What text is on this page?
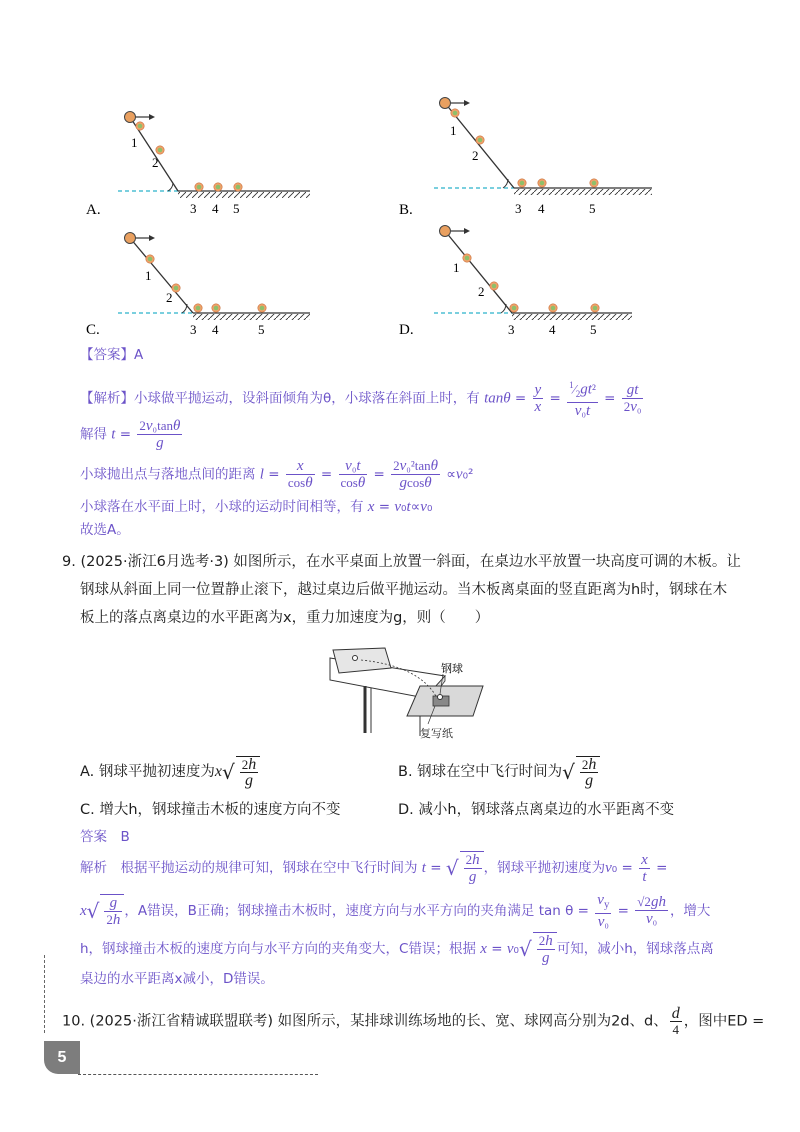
1
2
3 4 5
A.
1
2
3 4	5
B.
1
2
3 4	5
C.
1
2
3	4	5
D.
【答案】A
【解析】小球做平抛运动，设斜面倾角为θ，小球落在斜面上时，有 $\tan\theta = \frac{y}{x} = \frac{^1⁄_2gt^2}{\text{v₀t}} = \frac{gt}{\text{2v₀}}$
解得 $t = \frac{\text{2v₀tanθ}}{g}$
小球抛出点与落地点间的距离 $l = \frac{x}{\cos\theta} = \frac{\text{v₀t}}{\cos\theta} = \frac{\text{2v₀²tanθ}}{gcos\theta} \propto v_0^2$
小球落在水平面上时，小球的运动时间相等，有 x = v₀t∝v₀
故选A。
9. (2025·浙江6月选考·3) 如图所示，在水平桌面上放置一斜面，在桌边水平放置一块高度可调的木板。让
钢球从斜面上同一位置静止滚下，越过桌边后做平抛运动。当木板离桌面的竖直距离为h时，钢球在木
板上的落点离桌边的水平距离为x，重力加速度为g，则（　　）
钢球
复写纸
A. 钢球平抛初速度为$x√ \frac{2h}{g}$	B. 钢球在空中飞行时间为√ $\frac{2h}{g}$
C. 增大h，钢球撞击木板的速度方向不变	D. 减小h，钢球落点离桌边的水平距离不变
答案　B
解析　根据平抛运动的规律可知，钢球在空中飞行时间为 t = √ $\frac{2h}{g}$ ，钢球平抛初速度为$v_0 = \frac{x}{t}$ =
$x√ \frac{g}{2h}$ ，A错误，B正确；钢球撞击木板时，速度方向与水平方向的夹角满足 $\tan \theta = \frac{v_y}{\text{v₀}} = \frac{√2gh}{\text{v₀}}$ ，增大
h，钢球撞击木板的速度方向与水平方向的夹角变大，C错误；根据 $x = v_0√ \frac{2h}{g}$ 可知，减小h，钢球落点离
桌边的水平距离x减小，D错误。
10. (2025·浙江省精诚联盟联考) 如图所示，某排球训练场地的长、宽、球网高分别为2d、d、 $\frac{d}{4}$ ，图中ED =
5
